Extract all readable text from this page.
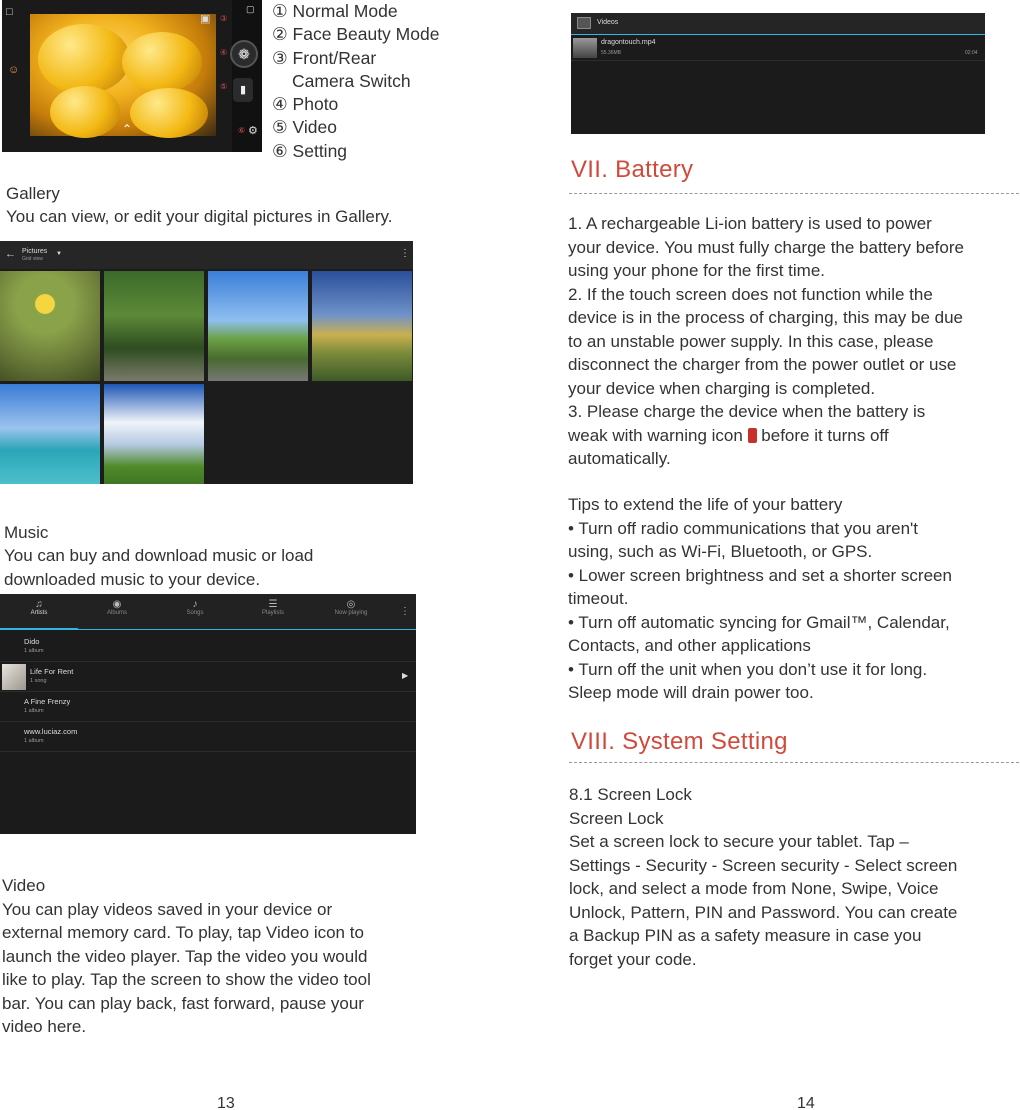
⌃
□
☺
▣ ③
▢
④ ❁
⑤	▮
⑥ ⚙
① Normal Mode
② Face Beauty Mode
③ Front/Rear
Camera Switch
④ Photo
⑤ Video
⑥ Setting
Gallery
You can view, or edit your digital pictures in Gallery.
← Pictures
Grid view
▼	⋮
Music
You can buy and download music or load
downloaded music to your device.
♫
Artists
◉
Albums
♪
Songs
☰
Playlists
◎
Now playing	⋮
Dido
1 album
Life For Rent
1 song
▶
A Fine Frenzy
1 album
www.luciaz.com
1 album
Video
You can play videos saved in your device or
external memory card. To play, tap Video icon to
launch the video player. Tap the video you would
like to play. Tap the screen to show the video tool
bar. You can play back, fast forward, pause your
video here.
13
Videos
dragontouch.mp4
55.36MB	02:04
VII. Battery
1. A rechargeable Li-ion battery is used to power
your device. You must fully charge the battery before
using your phone for the first time.
2. If the touch screen does not function while the
device is in the process of charging, this may be due
to an unstable power supply. In this case, please
disconnect the charger from the power outlet or use
your device when charging is completed.
3. Please charge the device when the battery is
weak with warning icon before it turns off
automatically.
Tips to extend the life of your battery
• Turn off radio communications that you aren't
using, such as Wi-Fi, Bluetooth, or GPS.
• Lower screen brightness and set a shorter screen
timeout.
• Turn off automatic syncing for Gmail™, Calendar,
Contacts, and other applications
• Turn off the unit when you don’t use it for long.
Sleep mode will drain power too.
VIII. System Setting
8.1 Screen Lock
Screen Lock
Set a screen lock to secure your tablet. Tap –
Settings - Security - Screen security - Select screen
lock, and select a mode from None, Swipe, Voice
Unlock, Pattern, PIN and Password. You can create
a Backup PIN as a safety measure in case you
forget your code.
14
